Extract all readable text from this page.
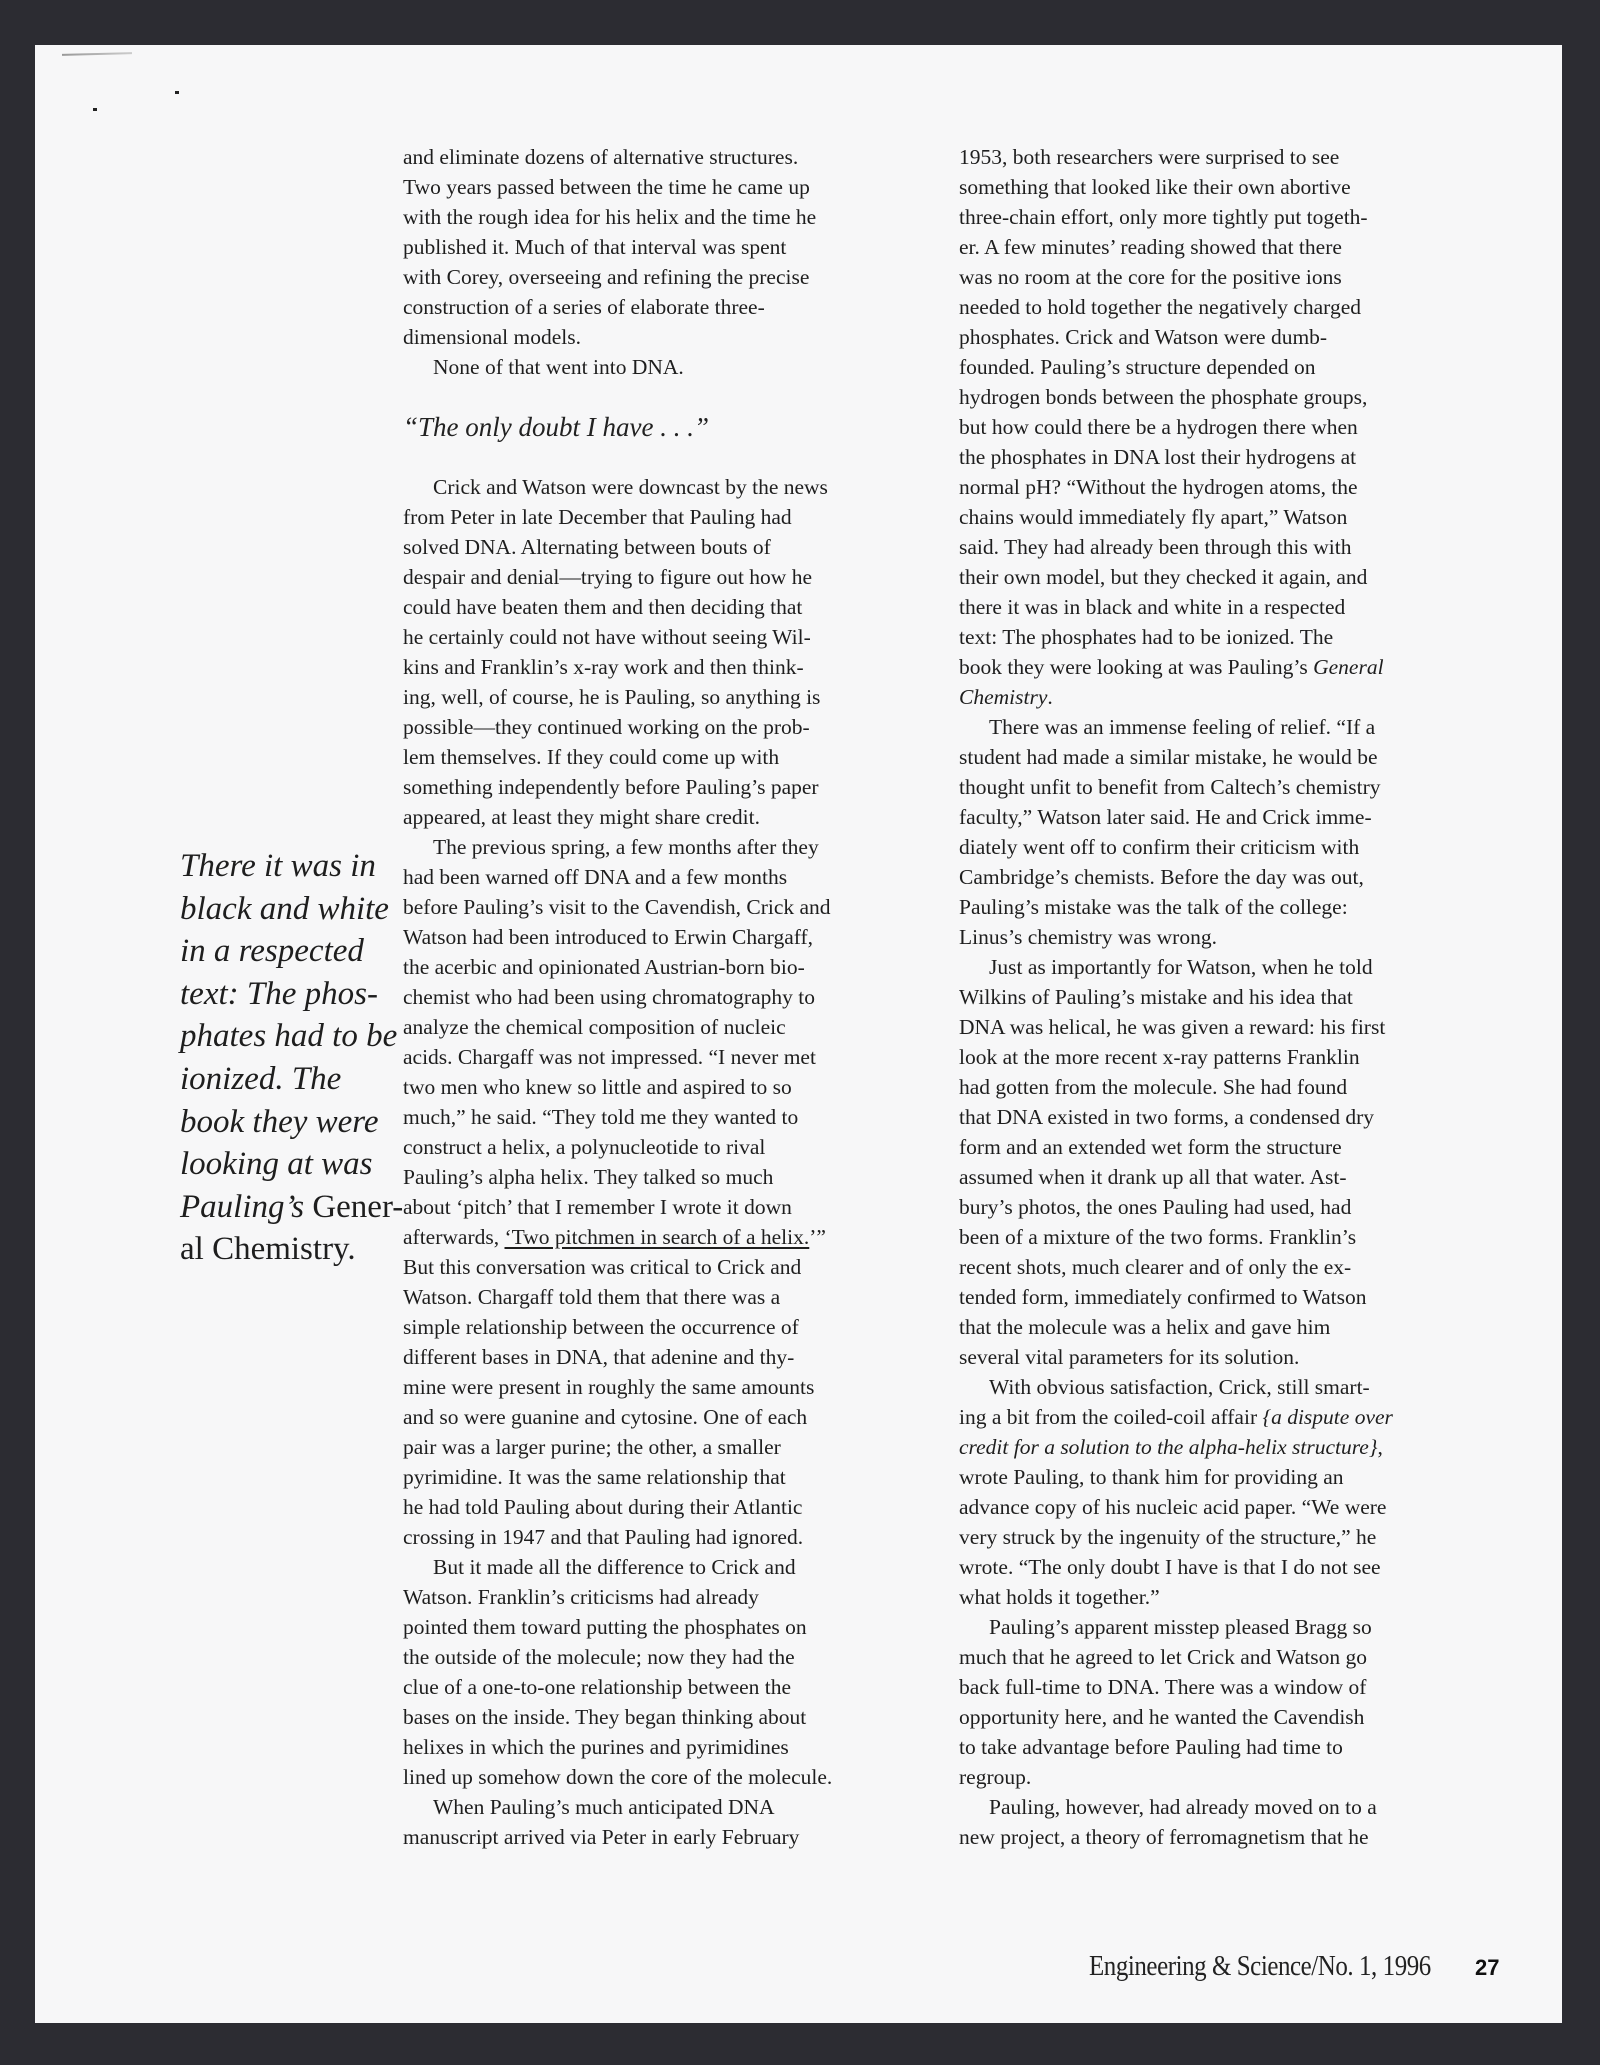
There it was in
black and white
in a respected
text: The phos-
phates had to be
ionized. The
book they were
looking at was
Pauling’s Gener-
al Chemistry.
“The only doubt I have . . .”
and eliminate dozens of alternative structures.
Two years passed between the time he came up
with the rough idea for his helix and the time he
published it. Much of that interval was spent
with Corey, overseeing and refining the precise
construction of a series of elaborate three-
dimensional models.
None of that went into DNA.
Crick and Watson were downcast by the news
from Peter in late December that Pauling had
solved DNA. Alternating between bouts of
despair and denial—trying to figure out how he
could have beaten them and then deciding that
he certainly could not have without seeing Wil-
kins and Franklin’s x-ray work and then think-
ing, well, of course, he is Pauling, so anything is
possible—they continued working on the prob-
lem themselves. If they could come up with
something independently before Pauling’s paper
appeared, at least they might share credit.
The previous spring, a few months after they
had been warned off DNA and a few months
before Pauling’s visit to the Cavendish, Crick and
Watson had been introduced to Erwin Chargaff,
the acerbic and opinionated Austrian-born bio-
chemist who had been using chromatography to
analyze the chemical composition of nucleic
acids. Chargaff was not impressed. “I never met
two men who knew so little and aspired to so
much,” he said. “They told me they wanted to
construct a helix, a polynucleotide to rival
Pauling’s alpha helix. They talked so much
about ‘pitch’ that I remember I wrote it down
afterwards, ‘Two pitchmen in search of a helix.’”
But this conversation was critical to Crick and
Watson. Chargaff told them that there was a
simple relationship between the occurrence of
different bases in DNA, that adenine and thy-
mine were present in roughly the same amounts
and so were guanine and cytosine. One of each
pair was a larger purine; the other, a smaller
pyrimidine. It was the same relationship that
he had told Pauling about during their Atlantic
crossing in 1947 and that Pauling had ignored.
But it made all the difference to Crick and
Watson. Franklin’s criticisms had already
pointed them toward putting the phosphates on
the outside of the molecule; now they had the
clue of a one-to-one relationship between the
bases on the inside. They began thinking about
helixes in which the purines and pyrimidines
lined up somehow down the core of the molecule.
When Pauling’s much anticipated DNA
manuscript arrived via Peter in early February
1953, both researchers were surprised to see
something that looked like their own abortive
three-chain effort, only more tightly put togeth-
er. A few minutes’ reading showed that there
was no room at the core for the positive ions
needed to hold together the negatively charged
phosphates. Crick and Watson were dumb-
founded. Pauling’s structure depended on
hydrogen bonds between the phosphate groups,
but how could there be a hydrogen there when
the phosphates in DNA lost their hydrogens at
normal pH? “Without the hydrogen atoms, the
chains would immediately fly apart,” Watson
said. They had already been through this with
their own model, but they checked it again, and
there it was in black and white in a respected
text: The phosphates had to be ionized. The
book they were looking at was Pauling’s General
Chemistry.
There was an immense feeling of relief. “If a
student had made a similar mistake, he would be
thought unfit to benefit from Caltech’s chemistry
faculty,” Watson later said. He and Crick imme-
diately went off to confirm their criticism with
Cambridge’s chemists. Before the day was out,
Pauling’s mistake was the talk of the college:
Linus’s chemistry was wrong.
Just as importantly for Watson, when he told
Wilkins of Pauling’s mistake and his idea that
DNA was helical, he was given a reward: his first
look at the more recent x-ray patterns Franklin
had gotten from the molecule. She had found
that DNA existed in two forms, a condensed dry
form and an extended wet form the structure
assumed when it drank up all that water. Ast-
bury’s photos, the ones Pauling had used, had
been of a mixture of the two forms. Franklin’s
recent shots, much clearer and of only the ex-
tended form, immediately confirmed to Watson
that the molecule was a helix and gave him
several vital parameters for its solution.
With obvious satisfaction, Crick, still smart-
ing a bit from the coiled-coil affair {a dispute over
credit for a solution to the alpha-helix structure},
wrote Pauling, to thank him for providing an
advance copy of his nucleic acid paper. “We were
very struck by the ingenuity of the structure,” he
wrote. “The only doubt I have is that I do not see
what holds it together.”
Pauling’s apparent misstep pleased Bragg so
much that he agreed to let Crick and Watson go
back full-time to DNA. There was a window of
opportunity here, and he wanted the Cavendish
to take advantage before Pauling had time to
regroup.
Pauling, however, had already moved on to a
new project, a theory of ferromagnetism that he
Engineering & Science/No. 1, 1996 27
